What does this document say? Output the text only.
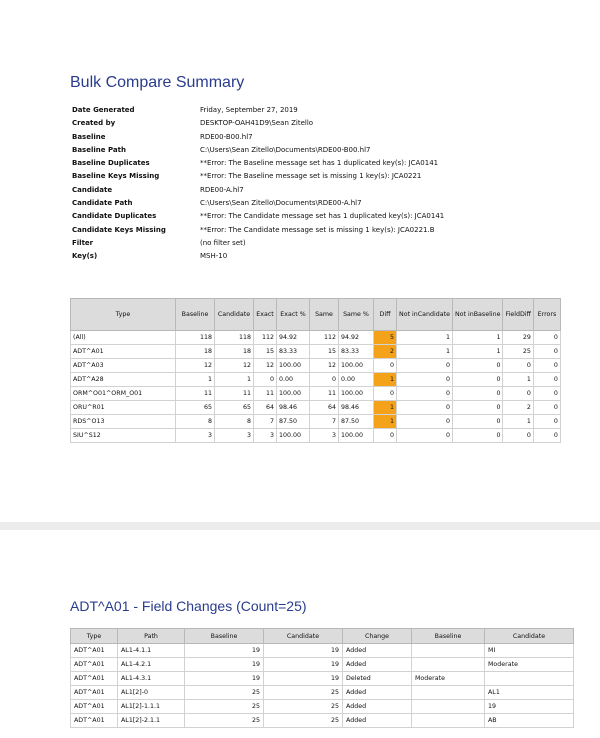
Bulk Compare Summary
Date Generated	Friday, September 27, 2019
Created by	DESKTOP-OAH41D9\Sean Zitello
Baseline	RDE00-B00.hl7
Baseline Path	C:\Users\Sean Zitello\Documents\RDE00-B00.hl7
Baseline Duplicates	**Error: The Baseline message set has 1 duplicated key(s): JCA0141
Baseline Keys Missing	**Error: The Baseline message set is missing 1 key(s): JCA0221
Candidate	RDE00-A.hl7
Candidate Path	C:\Users\Sean Zitello\Documents\RDE00-A.hl7
Candidate Duplicates	**Error: The Candidate message set has 1 duplicated key(s): JCA0141
Candidate Keys Missing	**Error: The Candidate message set is missing 1 key(s): JCA0221.B
Filter	(no filter set)
Key(s)	MSH-10
Type	Baseline	Candidate	Exact	Exact %	Same	Same %	Diff	Not inCandidate	Not inBaseline	FieldDiff	Errors
(All)	118	118	112	94.92	112	94.92	5	1	1	29	0
ADT^A01	18	18	15	83.33	15	83.33	2	1	1	25	0
ADT^A03	12	12	12	100.00	12	100.00	0	0	0	0	0
ADT^A28	1	1	0	0.00	0	0.00	1	0	0	1	0
ORM^O01^ORM_O01	11	11	11	100.00	11	100.00	0	0	0	0	0
ORU^R01	65	65	64	98.46	64	98.46	1	0	0	2	0
RDS^O13	8	8	7	87.50	7	87.50	1	0	0	1	0
SIU^S12	3	3	3	100.00	3	100.00	0	0	0	0	0
ADT^A01 - Field Changes (Count=25)
Type	Path	Baseline	Candidate	Change	Baseline	Candidate
ADT^A01	AL1-4.1.1	19	19	Added		MI
ADT^A01	AL1-4.2.1	19	19	Added		Moderate
ADT^A01	AL1-4.3.1	19	19	Deleted	Moderate	
ADT^A01	AL1[2]-0	25	25	Added		AL1
ADT^A01	AL1[2]-1.1.1	25	25	Added		19
ADT^A01	AL1[2]-2.1.1	25	25	Added		AB
